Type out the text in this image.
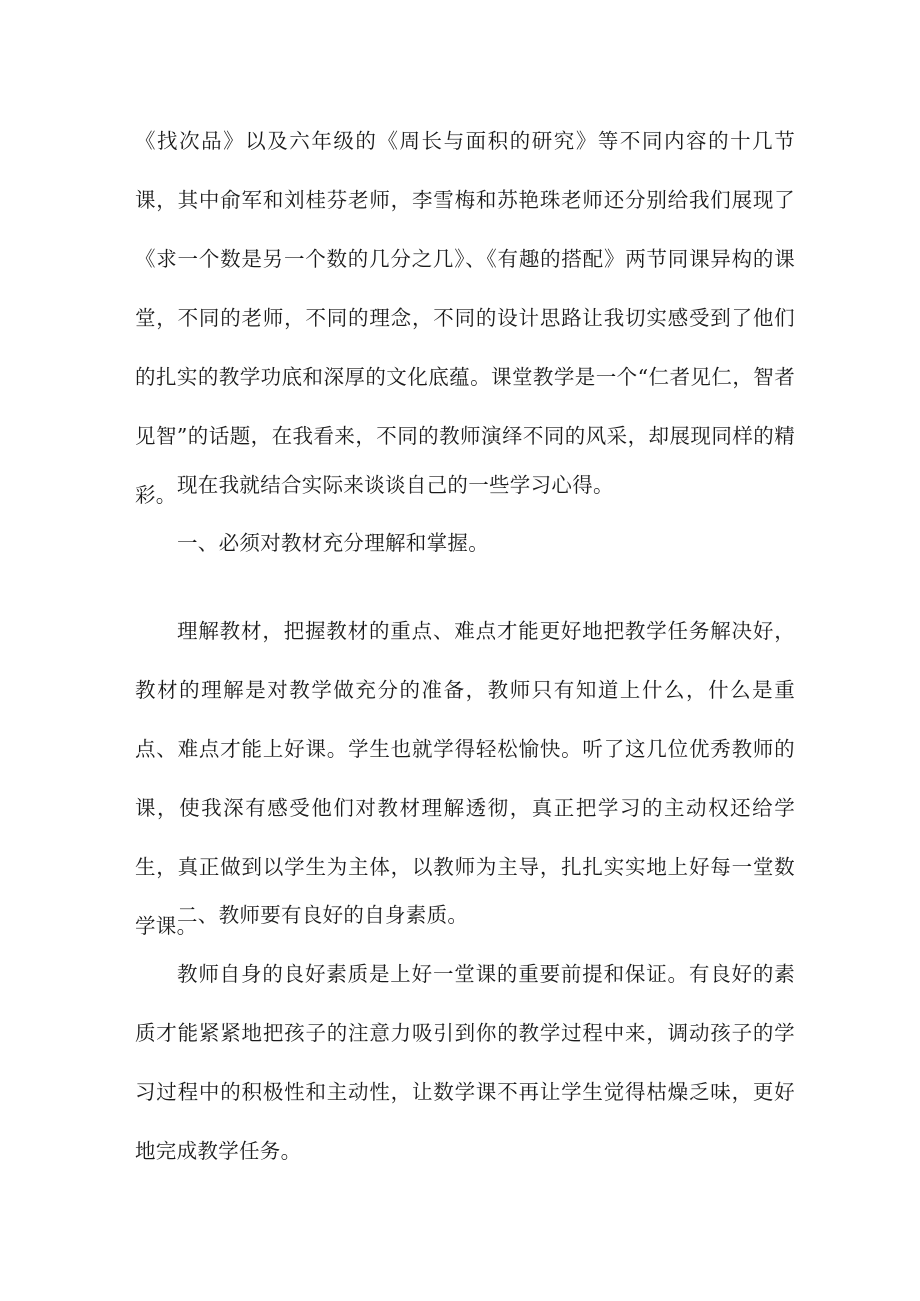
《找次品》以及六年级的《周长与面积的研究》等不同内容的十几节课，其中俞军和刘桂芬老师，李雪梅和苏艳珠老师还分别给我们展现了《求一个数是另一个数的几分之几》、《有趣的搭配》两节同课异构的课堂，不同的老师，不同的理念，不同的设计思路让我切实感受到了他们的扎实的教学功底和深厚的文化底蕴。课堂教学是一个“仁者见仁，智者见智”的话题，在我看来，不同的教师演绎不同的风采，却展现同样的精彩。 现在我就结合实际来谈谈自己的一些学习心得。

一、必须对教材充分理解和掌握。

理解教材，把握教材的重点、难点才能更好地把教学任务解决好，教材的理解是对教学做充分的准备，教师只有知道上什么，什么是重点、难点才能上好课。学生也就学得轻松愉快。听了这几位优秀教师的课，使我深有感受他们对教材理解透彻，真正把学习的主动权还给学生，真正做到以学生为主体，以教师为主导，扎扎实实地上好每一堂数学课。

二、教师要有良好的自身素质。

教师自身的良好素质是上好一堂课的重要前提和保证。有良好的素质才能紧紧地把孩子的注意力吸引到你的教学过程中来，调动孩子的学习过程中的积极性和主动性，让数学课不再让学生觉得枯燥乏味，更好地完成教学任务。
